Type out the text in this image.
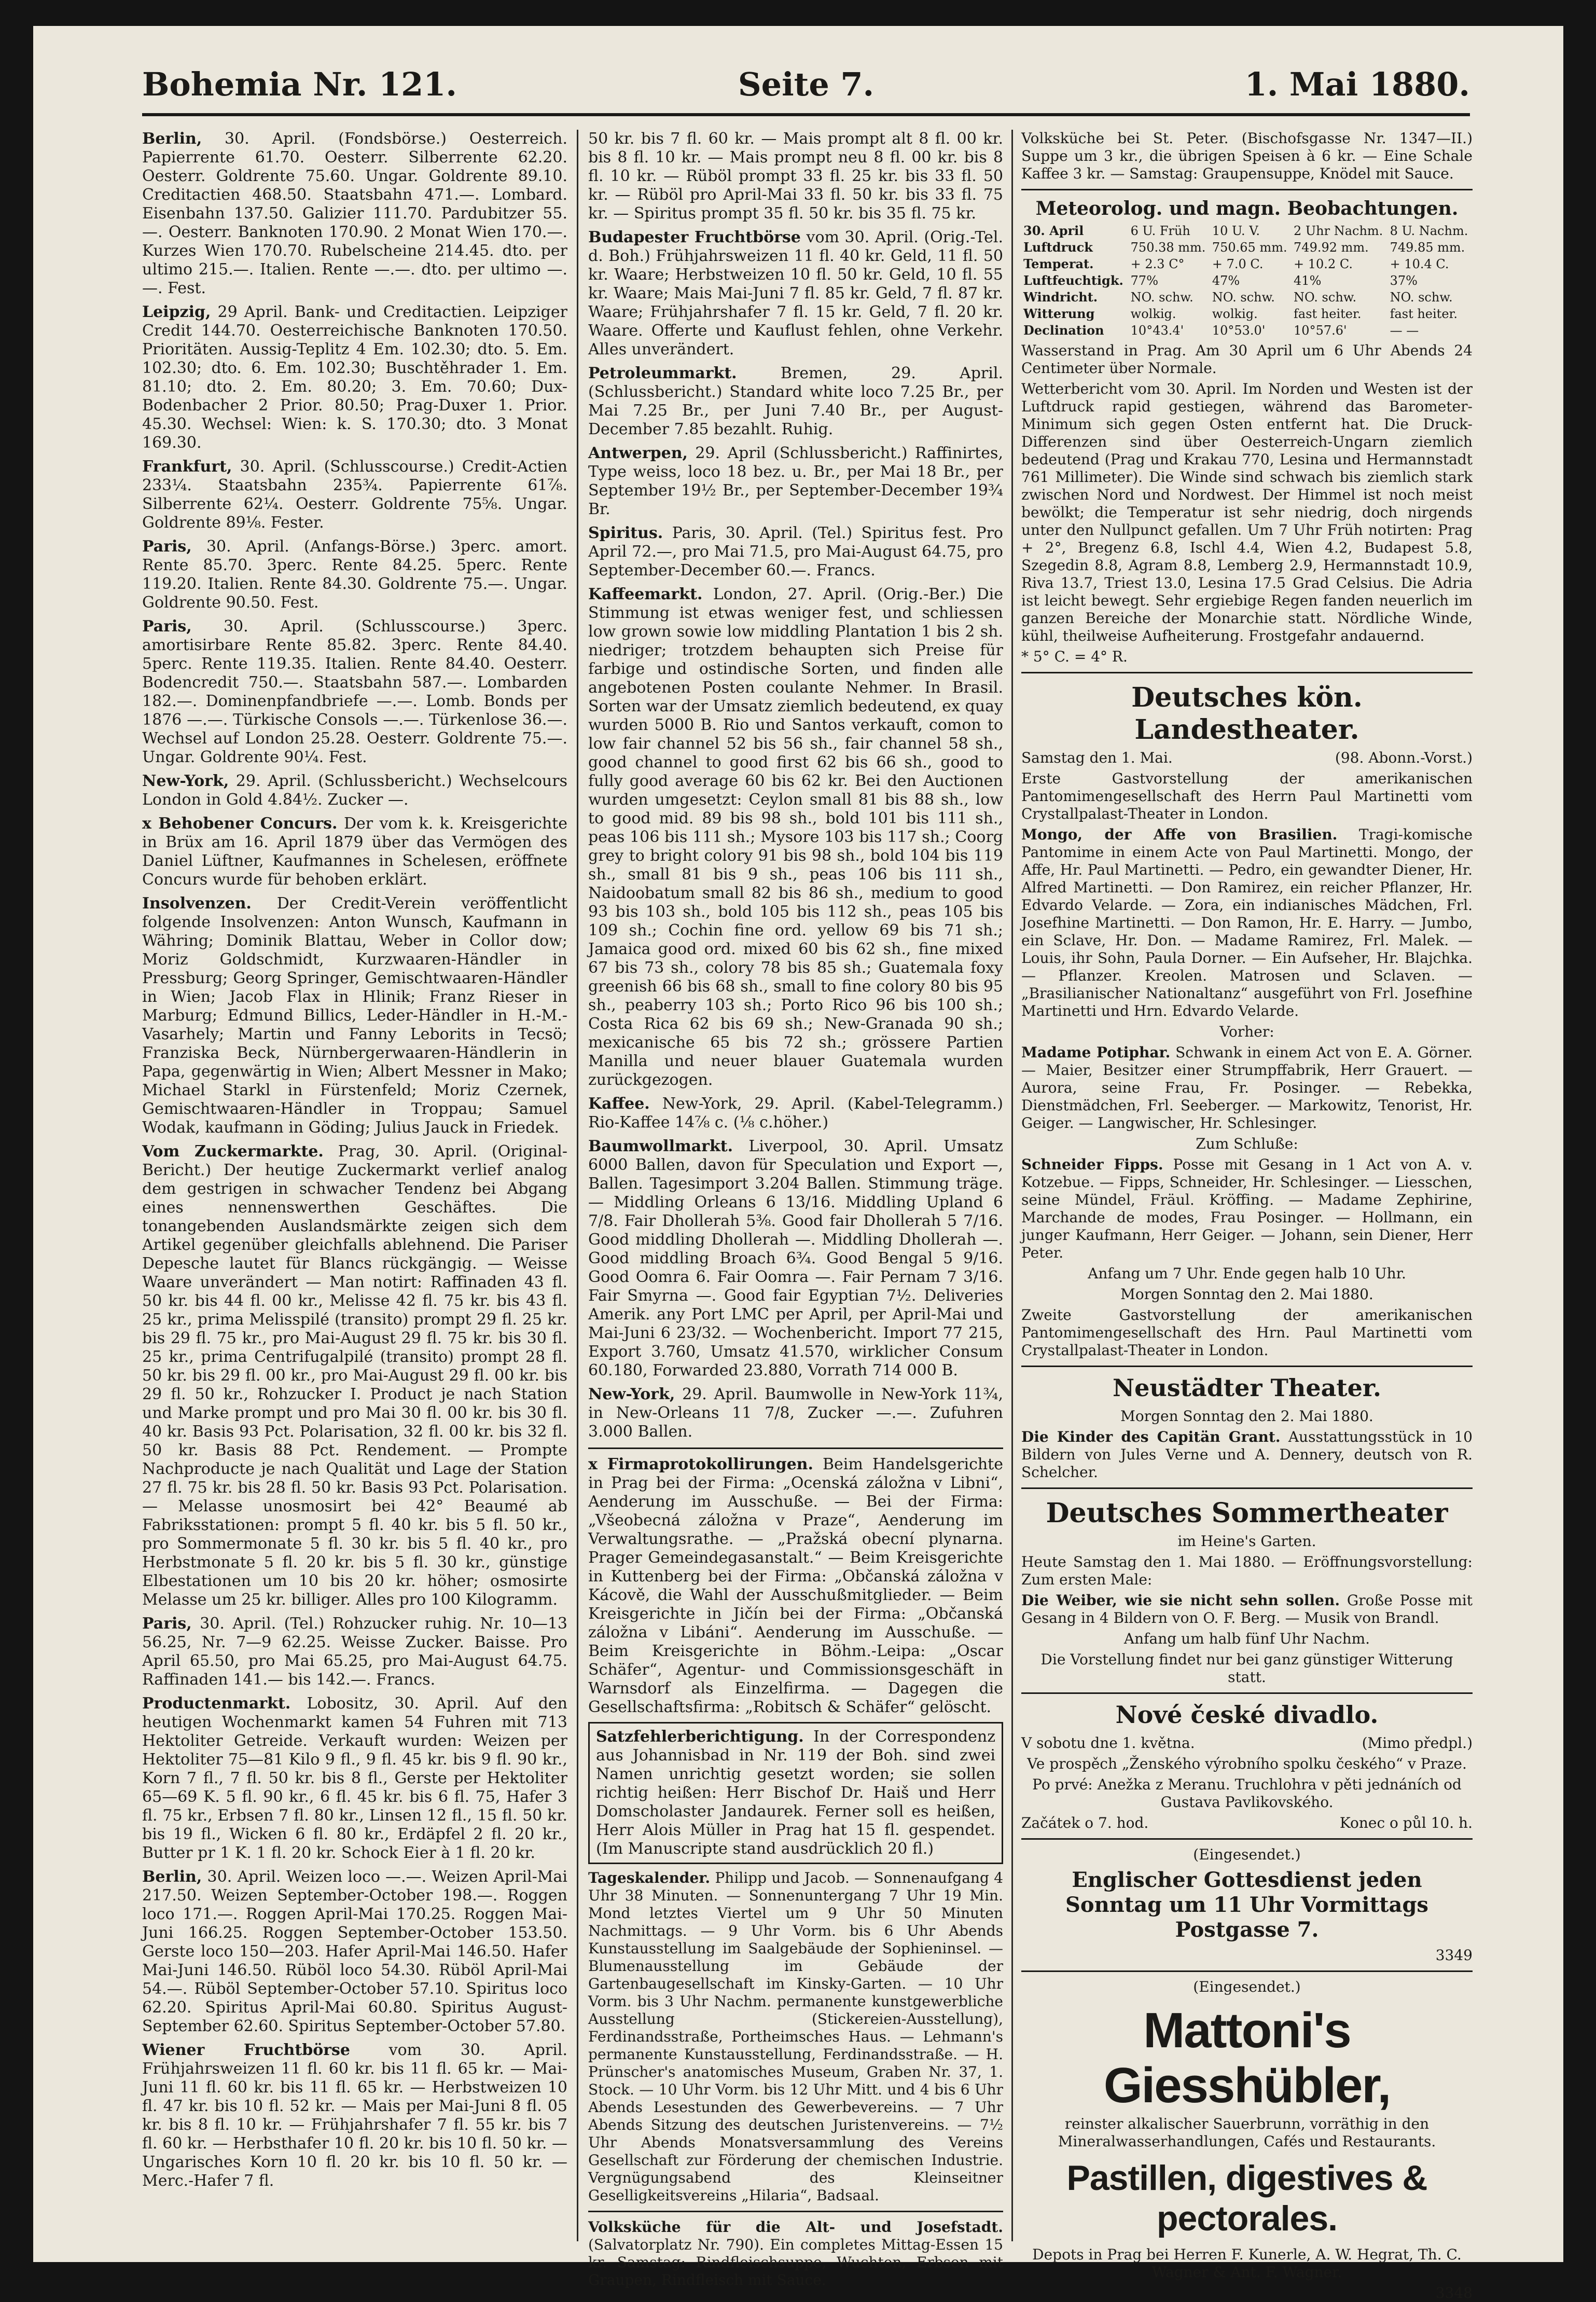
Bohemia Nr. 121.	Seite 7.	1. Mai 1880.

Berlin, 30. April. (Fondsbörse.) Oesterreich. Papierrente 61.70. Oesterr. Silberrente 62.20. Oesterr. Goldrente 75.60. Ungar. Goldrente 89.10. Creditactien 468.50. Staatsbahn 471.—. Lombard. Eisenbahn 137.50. Galizier 111.70. Pardubitzer 55.—. Oesterr. Banknoten 170.90. 2 Monat Wien 170.—. Kurzes Wien 170.70. Rubelscheine 214.45. dto. per ultimo 215.—. Italien. Rente —.—. dto. per ultimo —.—. Fest.

Leipzig, 29 April. Bank- und Creditactien. Leipziger Credit 144.70. Oesterreichische Banknoten 170.50. Prioritäten. Aussig-Teplitz 4 Em. 102.30; dto. 5. Em. 102.30; dto. 6. Em. 102.30; Buschtěhrader 1. Em. 81.10; dto. 2. Em. 80.20; 3. Em. 70.60; Dux-Bodenbacher 2 Prior. 80.50; Prag-Duxer 1. Prior. 45.30. Wechsel: Wien: k. S. 170.30; dto. 3 Monat 169.30.

Frankfurt, 30. April. (Schlusscourse.) Credit-Actien 233¼. Staatsbahn 235¾. Papierrente 61⅞. Silberrente 62¼. Oesterr. Goldrente 75⅝. Ungar. Goldrente 89⅛. Fester.

Paris, 30. April. (Anfangs-Börse.) 3perc. amort. Rente 85.70. 3perc. Rente 84.25. 5perc. Rente 119.20. Italien. Rente 84.30. Goldrente 75.—. Ungar. Goldrente 90.50. Fest.

Paris, 30. April. (Schlusscourse.) 3perc. amortisirbare Rente 85.82. 3perc. Rente 84.40. 5perc. Rente 119.35. Italien. Rente 84.40. Oesterr. Bodencredit 750.—. Staatsbahn 587.—. Lombarden 182.—. Dominenpfandbriefe —.—. Lomb. Bonds per 1876 —.—. Türkische Consols —.—. Türkenlose 36.—. Wechsel auf London 25.28. Oesterr. Goldrente 75.—. Ungar. Goldrente 90¼. Fest.

New-York, 29. April. (Schlussbericht.) Wechselcours London in Gold 4.84½. Zucker —.

x Behobener Concurs. Der vom k. k. Kreisgerichte in Brüx am 16. April 1879 über das Vermögen des Daniel Lüftner, Kaufmannes in Schelesen, eröffnete Concurs wurde für behoben erklärt.

Insolvenzen. Der Credit-Verein veröffentlicht folgende Insolvenzen: Anton Wunsch, Kaufmann in Währing; Dominik Blattau, Weber in Collor dow; Moriz Goldschmidt, Kurzwaaren-Händler in Pressburg; Georg Springer, Gemischtwaaren-Händler in Wien; Jacob Flax in Hlinik; Franz Rieser in Marburg; Edmund Billics, Leder-Händler in H.-M.-Vasarhely; Martin und Fanny Leborits in Tecsö; Franziska Beck, Nürnbergerwaaren-Händlerin in Papa, gegenwärtig in Wien; Albert Messner in Mako; Michael Starkl in Fürstenfeld; Moriz Czernek, Gemischtwaaren-Händler in Troppau; Samuel Wodak, kaufmann in Göding; Julius Jauck in Friedek.

Vom Zuckermarkte. Prag, 30. April. (Original-Bericht.) Der heutige Zuckermarkt verlief analog dem gestrigen in schwacher Tendenz bei Abgang eines nennenswerthen Geschäftes. Die tonangebenden Auslandsmärkte zeigen sich dem Artikel gegenüber gleichfalls ablehnend. Die Pariser Depesche lautet für Blancs rückgängig. — Weisse Waare unverändert — Man notirt: Raffinaden 43 fl. 50 kr. bis 44 fl. 00 kr., Melisse 42 fl. 75 kr. bis 43 fl. 25 kr., prima Melisspilé (transito) prompt 29 fl. 25 kr. bis 29 fl. 75 kr., pro Mai-August 29 fl. 75 kr. bis 30 fl. 25 kr., prima Centrifugalpilé (transito) prompt 28 fl. 50 kr. bis 29 fl. 00 kr., pro Mai-August 29 fl. 00 kr. bis 29 fl. 50 kr., Rohzucker I. Product je nach Station und Marke prompt und pro Mai 30 fl. 00 kr. bis 30 fl. 40 kr. Basis 93 Pct. Polarisation, 32 fl. 00 kr. bis 32 fl. 50 kr. Basis 88 Pct. Rendement. — Prompte Nachproducte je nach Qualität und Lage der Station 27 fl. 75 kr. bis 28 fl. 50 kr. Basis 93 Pct. Polarisation. — Melasse unosmosirt bei 42° Beaumé ab Fabriksstationen: prompt 5 fl. 40 kr. bis 5 fl. 50 kr., pro Sommermonate 5 fl. 30 kr. bis 5 fl. 40 kr., pro Herbstmonate 5 fl. 20 kr. bis 5 fl. 30 kr., günstige Elbestationen um 10 bis 20 kr. höher; osmosirte Melasse um 25 kr. billiger. Alles pro 100 Kilogramm.

Paris, 30. April. (Tel.) Rohzucker ruhig. Nr. 10—13 56.25, Nr. 7—9 62.25. Weisse Zucker. Baisse. Pro April 65.50, pro Mai 65.25, pro Mai-August 64.75. Raffinaden 141.— bis 142.—. Francs.

Productenmarkt. Lobositz, 30. April. Auf den heutigen Wochenmarkt kamen 54 Fuhren mit 713 Hektoliter Getreide. Verkauft wurden: Weizen per Hektoliter 75—81 Kilo 9 fl., 9 fl. 45 kr. bis 9 fl. 90 kr., Korn 7 fl., 7 fl. 50 kr. bis 8 fl., Gerste per Hektoliter 65—69 K. 5 fl. 90 kr., 6 fl. 45 kr. bis 6 fl. 75, Hafer 3 fl. 75 kr., Erbsen 7 fl. 80 kr., Linsen 12 fl., 15 fl. 50 kr. bis 19 fl., Wicken 6 fl. 80 kr., Erdäpfel 2 fl. 20 kr., Butter pr 1 K. 1 fl. 20 kr. Schock Eier à 1 fl. 20 kr.

Berlin, 30. April. Weizen loco —.—. Weizen April-Mai 217.50. Weizen September-October 198.—. Roggen loco 171.—. Roggen April-Mai 170.25. Roggen Mai-Juni 166.25. Roggen September-October 153.50. Gerste loco 150—203. Hafer April-Mai 146.50. Hafer Mai-Juni 146.50. Rüböl loco 54.30. Rüböl April-Mai 54.—. Rüböl September-October 57.10. Spiritus loco 62.20. Spiritus April-Mai 60.80. Spiritus August-September 62.60. Spiritus September-October 57.80.

Wiener Fruchtbörse vom 30. April. Frühjahrsweizen 11 fl. 60 kr. bis 11 fl. 65 kr. — Mai-Juni 11 fl. 60 kr. bis 11 fl. 65 kr. — Herbstweizen 10 fl. 47 kr. bis 10 fl. 52 kr. — Mais per Mai-Juni 8 fl. 05 kr. bis 8 fl. 10 kr. — Frühjahrshafer 7 fl. 55 kr. bis 7 fl. 60 kr. — Herbsthafer 10 fl. 20 kr. bis 10 fl. 50 kr. — Ungarisches Korn 10 fl. 20 kr. bis 10 fl. 50 kr. — Merc.-Hafer 7 fl.

50 kr. bis 7 fl. 60 kr. — Mais prompt alt 8 fl. 00 kr. bis 8 fl. 10 kr. — Mais prompt neu 8 fl. 00 kr. bis 8 fl. 10 kr. — Rüböl prompt 33 fl. 25 kr. bis 33 fl. 50 kr. — Rüböl pro April-Mai 33 fl. 50 kr. bis 33 fl. 75 kr. — Spiritus prompt 35 fl. 50 kr. bis 35 fl. 75 kr.

Budapester Fruchtbörse vom 30. April. (Orig.-Tel. d. Boh.) Frühjahrsweizen 11 fl. 40 kr. Geld, 11 fl. 50 kr. Waare; Herbstweizen 10 fl. 50 kr. Geld, 10 fl. 55 kr. Waare; Mais Mai-Juni 7 fl. 85 kr. Geld, 7 fl. 87 kr. Waare; Frühjahrshafer 7 fl. 15 kr. Geld, 7 fl. 20 kr. Waare. Offerte und Kauflust fehlen, ohne Verkehr. Alles unverändert.

Petroleummarkt.	Bremen, 29. April. (Schlussbericht.) Standard white loco 7.25 Br., per Mai 7.25 Br., per Juni 7.40 Br., per August-December 7.85 bezahlt. Ruhig.

Antwerpen, 29. April (Schlussbericht.) Raffinirtes, Type weiss, loco 18 bez. u. Br., per Mai 18 Br., per September 19½ Br., per September-December 19¾ Br.

Spiritus. Paris, 30. April. (Tel.) Spiritus fest. Pro April 72.—, pro Mai 71.5, pro Mai-August 64.75, pro September-December 60.—. Francs.

Kaffeemarkt. London, 27. April. (Orig.-Ber.) Die Stimmung ist etwas weniger fest, und schliessen low grown sowie low middling Plantation 1 bis 2 sh. niedriger; trotzdem behaupten sich Preise für farbige und ostindische Sorten, und finden alle angebotenen Posten coulante Nehmer. In Brasil. Sorten war der Umsatz ziemlich bedeutend, ex quay wurden 5000 B. Rio und Santos verkauft, comon to low fair channel 52 bis 56 sh., fair channel 58 sh., good channel to good first 62 bis 66 sh., good to fully good average 60 bis 62 kr. Bei den Auctionen wurden umgesetzt: Ceylon small 81 bis 88 sh., low to good mid. 89 bis 98 sh., bold 101 bis 111 sh., peas 106 bis 111 sh.; Mysore 103 bis 117 sh.; Coorg grey to bright colory 91 bis 98 sh., bold 104 bis 119 sh., small 81 bis 9 sh., peas 106 bis 111 sh., Naidoobatum small 82 bis 86 sh., medium to good 93 bis 103 sh., bold 105 bis 112 sh., peas 105 bis 109 sh.; Cochin fine ord. yellow 69 bis 71 sh.; Jamaica good ord. mixed 60 bis 62 sh., fine mixed 67 bis 73 sh., colory 78 bis 85 sh.; Guatemala foxy greenish 66 bis 68 sh., small to fine colory 80 bis 95 sh., peaberry 103 sh.; Porto Rico 96 bis 100 sh.; Costa Rica 62 bis 69 sh.; New-Granada 90 sh.; mexicanische 65 bis 72 sh.; grössere Partien Manilla und neuer blauer Guatemala wurden zurückgezogen.

Kaffee. New-York, 29. April. (Kabel-Telegramm.) Rio-Kaffee 14⅞ c. (⅛ c.höher.)

Baumwollmarkt. Liverpool, 30. April. Umsatz 6000 Ballen, davon für Speculation und Export —, Ballen. Tagesimport 3.204 Ballen. Stimmung träge. — Middling Orleans 6 13/16. Middling Upland 6 7/8. Fair Dhollerah 5⅜. Good fair Dhollerah 5 7/16. Good middling Dhollerah —. Middling Dhollerah —. Good middling Broach 6¾. Good Bengal 5 9/16. Good Oomra 6. Fair Oomra —. Fair Pernam 7 3/16. Fair Smyrna —. Good fair Egyptian 7½. Deliveries Amerik. any Port LMC per April, per April-Mai und Mai-Juni 6 23/32. — Wochenbericht. Import 77 215, Export 3.760, Umsatz 41.570, wirklicher Consum 60.180, Forwarded 23.880, Vorrath 714 000 B.

New-York, 29. April. Baumwolle in New-York 11¾, in New-Orleans 11 7/8, Zucker —.—. Zufuhren 3.000 Ballen.

x Firmaprotokollirungen. Beim Handelsgerichte in Prag bei der Firma: „Ocenská záložna v Libni“, Aenderung im Ausschuße. — Bei der Firma: „Všeobecná záložna v Praze“, Aenderung im Verwaltungsrathe. — „Pražská obecní plynarna. Prager Gemeindegasanstalt.“ — Beim Kreisgerichte in Kuttenberg bei der Firma: „Občanská záložna v Kácově, die Wahl der Ausschußmitglieder. — Beim Kreisgerichte in Jičín bei der Firma: „Občanská záložna v Libáni“. Aenderung im Ausschuße. — Beim Kreisgerichte in Böhm.-Leipa: „Oscar Schäfer“, Agentur- und Commissionsgeschäft in Warnsdorf als Einzelfirma. — Dagegen die Gesellschaftsfirma: „Robitsch & Schäfer“ gelöscht.

Satzfehlerberichtigung. In der Correspondenz aus Johannisbad in Nr. 119 der Boh. sind zwei Namen unrichtig gesetzt worden; sie sollen richtig heißen: Herr Bischof Dr. Haiš und Herr Domscholaster Jandaurek. Ferner soll es heißen, Herr Alois Müller in Prag hat 15 fl. gespendet. (Im Manuscripte stand ausdrücklich 20 fl.)

Tageskalender. Philipp und Jacob. — Sonnenaufgang 4 Uhr 38 Minuten. — Sonnenuntergang 7 Uhr 19 Min. Mond letztes Viertel um 9 Uhr 50 Minuten Nachmittags. — 9 Uhr Vorm. bis 6 Uhr Abends Kunstausstellung im Saalgebäude der Sophieninsel. — Blumenausstellung im Gebäude der Gartenbaugesellschaft im Kinsky-Garten. — 10 Uhr Vorm. bis 3 Uhr Nachm. permanente kunstgewerbliche Ausstellung (Stickereien-Ausstellung), Ferdinandsstraße, Portheimsches Haus. — Lehmann's permanente Kunstausstellung, Ferdinandsstraße. — H. Prünscher's anatomisches Museum, Graben Nr. 37, 1. Stock. — 10 Uhr Vorm. bis 12 Uhr Mitt. und 4 bis 6 Uhr Abends Lesestunden des Gewerbevereins. — 7 Uhr Abends Sitzung des deutschen Juristenvereins. — 7½ Uhr Abends Monatsversammlung des Vereins Gesellschaft zur Förderung der chemischen Industrie. Vergnügungsabend des Kleinseitner Geselligkeitsvereins „Hilaria“, Badsaal.

Volksküche für die Alt- und Josefstadt. (Salvatorplatz Nr. 790). Ein completes Mittag-Essen 15 kr. Samstag: Rindfleischsuppe, Wuchten, Erbsen mit Graupen, Rindfleisch mit Sauce.

Volksküche bei St. Peter. (Bischofsgasse Nr. 1347—II.) Suppe um 3 kr., die übrigen Speisen à 6 kr. — Eine Schale Kaffee 3 kr. — Samstag: Graupensuppe, Knödel mit Sauce.

Meteorolog. und magn. Beobachtungen.
30. April	6 U. Früh	10 U. V.	2 Uhr Nachm.	8 U. Nachm.
Luftdruck	750.38 mm.	750.65 mm.	749.92 mm.	749.85 mm.
Temperat.	+ 2.3 C°	+ 7.0 C.	+ 10.2 C.	+ 10.4 C.
Luftfeuchtigk.	77%	47%	41%	37%
Windricht.	NO. schw.	NO. schw.	NO. schw.	NO. schw.
Witterung	wolkig.	wolkig.	fast heiter.	fast heiter.
Declination	10°43.4'	10°53.0'	10°57.6'	— —

Wasserstand in Prag. Am 30 April um 6 Uhr Abends 24 Centimeter über Normale.

Wetterbericht vom 30. April. Im Norden und Westen ist der Luftdruck rapid gestiegen, während das Barometer-Minimum sich gegen Osten entfernt hat. Die Druck-Differenzen sind über Oesterreich-Ungarn ziemlich bedeutend (Prag und Krakau 770, Lesina und Hermannstadt 761 Millimeter). Die Winde sind schwach bis ziemlich stark zwischen Nord und Nordwest. Der Himmel ist noch meist bewölkt; die Temperatur ist sehr niedrig, doch nirgends unter den Nullpunct gefallen. Um 7 Uhr Früh notirten: Prag + 2°, Bregenz 6.8, Ischl 4.4, Wien 4.2, Budapest 5.8, Szegedin 8.8, Agram 8.8, Lemberg 2.9, Hermannstadt 10.9, Riva 13.7, Triest 13.0, Lesina 17.5 Grad Celsius. Die Adria ist leicht bewegt. Sehr ergiebige Regen fanden neuerlich im ganzen Bereiche der Monarchie statt. Nördliche Winde, kühl, theilweise Aufheiterung. Frostgefahr andauernd.

* 5° C. = 4° R.

Deutsches kön. Landestheater.

Samstag den 1. Mai.	(98. Abonn.-Vorst.)

Erste Gastvorstellung der amerikanischen Pantomimengesellschaft des Herrn Paul Martinetti vom Crystallpalast-Theater in London.

Mongo, der Affe von Brasilien. Tragi-komische Pantomime in einem Acte von Paul Martinetti. Mongo, der Affe, Hr. Paul Martinetti. — Pedro, ein gewandter Diener, Hr. Alfred Martinetti. — Don Ramirez, ein reicher Pflanzer, Hr. Edvardo Velarde. — Zora, ein indianisches Mädchen, Frl. Josefhine Martinetti. — Don Ramon, Hr. E. Harry. — Jumbo, ein Sclave, Hr. Don. — Madame Ramirez, Frl. Malek. — Louis, ihr Sohn, Paula Dorner. — Ein Aufseher, Hr. Blajchka. — Pflanzer. Kreolen. Matrosen und Sclaven. — „Brasilianischer Nationaltanz“ ausgeführt von Frl. Josefhine Martinetti und Hrn. Edvardo Velarde.

Vorher:

Madame Potiphar. Schwank in einem Act von E. A. Görner. — Maier, Besitzer einer Strumpffabrik, Herr Grauert. — Aurora, seine Frau, Fr. Posinger. — Rebekka, Dienstmädchen, Frl. Seeberger. — Markowitz, Tenorist, Hr. Geiger. — Langwischer, Hr. Schlesinger.

Zum Schluße:

Schneider Fipps. Posse mit Gesang in 1 Act von A. v. Kotzebue. — Fipps, Schneider, Hr. Schlesinger. — Liesschen, seine Mündel, Fräul. Kröffing. — Madame Zephirine, Marchande de modes, Frau Posinger. — Hollmann, ein junger Kaufmann, Herr Geiger. — Johann, sein Diener, Herr Peter.

Anfang um 7 Uhr. Ende gegen halb 10 Uhr.

Morgen Sonntag den 2. Mai 1880.

Zweite Gastvorstellung der amerikanischen Pantomimengesellschaft des Hrn. Paul Martinetti vom Crystallpalast-Theater in London.

Neustädter Theater.

Morgen Sonntag den 2. Mai 1880.

Die Kinder des Capitän Grant. Ausstattungsstück in 10 Bildern von Jules Verne und A. Dennery, deutsch von R. Schelcher.

Deutsches Sommertheater

im Heine's Garten.

Heute Samstag den 1. Mai 1880. — Eröffnungsvorstellung: Zum ersten Male:

Die Weiber, wie sie nicht sehn sollen. Große Posse mit Gesang in 4 Bildern von O. F. Berg. — Musik von Brandl.

Anfang um halb fünf Uhr Nachm.

Die Vorstellung findet nur bei ganz günstiger Witterung statt.

Nové české divadlo.

V sobotu dne 1. května.	(Mimo předpl.)

Ve prospěch „Ženského výrobního spolku českého“ v Praze.

Po prvé: Anežka z Meranu. Truchlohra v pěti jednáních od Gustava Pavlikovského.

Začátek o 7. hod.	Konec o půl 10. h.

(Eingesendet.)

Englischer Gottesdienst jeden Sonntag um 11 Uhr Vormittags Postgasse 7.

3349

(Eingesendet.)

Mattoni's Giesshübler,

reinster alkalischer Sauerbrunn, vorräthig in den Mineralwasserhandlungen, Cafés und Restaurants.

Pastillen, digestives & pectorales.

Depots in Prag bei Herren F. Kunerle, A. W. Hegrat, Th. C. Wagner & Ant. F. Wagner.

3348
